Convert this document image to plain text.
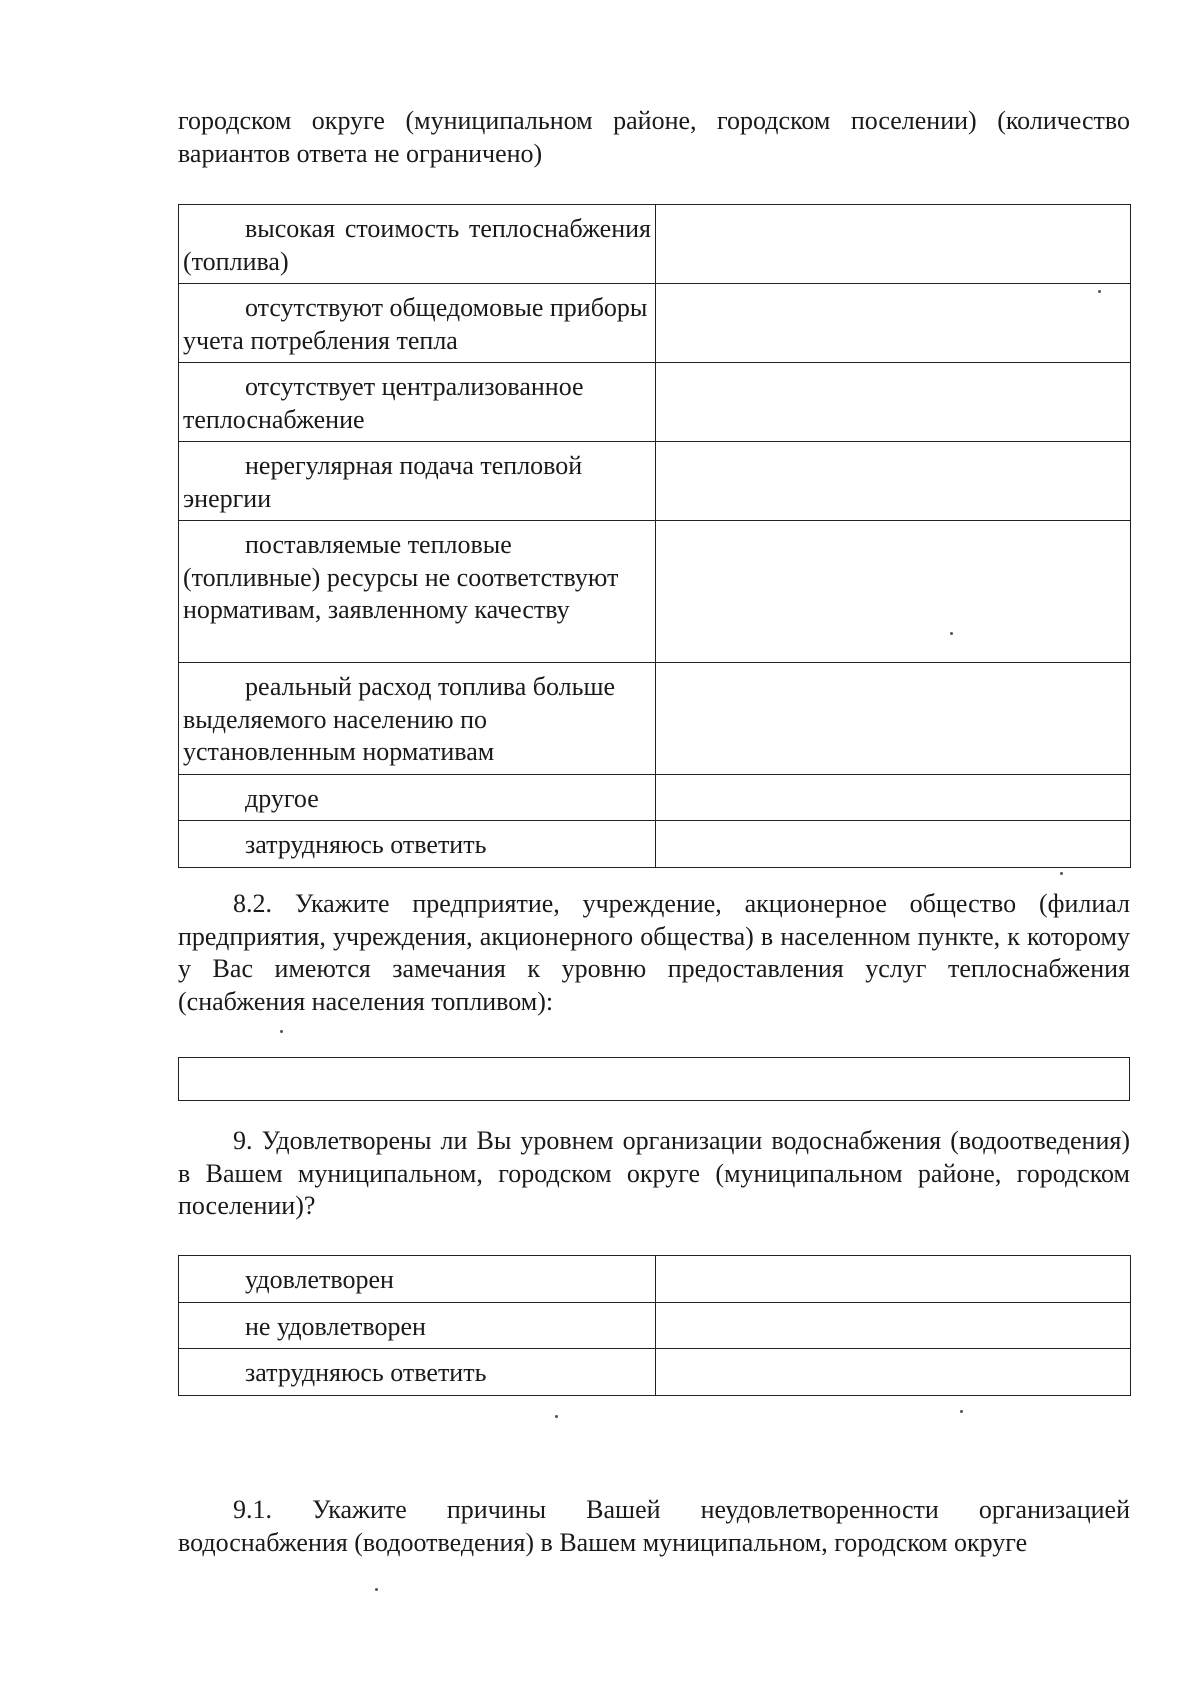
городском округе (муниципальном районе, городском поселении) (количество вариантов ответа не ограничено)

высокая стоимость теплоснабжения (топлива)	

отсутствуют общедомовые приборы учета потребления тепла	

отсутствует централизованное теплоснабжение	

нерегулярная подача тепловой энергии	

поставляемые тепловые (топливные) ресурсы не соответствуют нормативам, заявленному качеству	

реальный расход топлива больше выделяемого населению по установленным нормативам	

другое	

затрудняюсь ответить	

8.2. Укажите предприятие, учреждение, акционерное общество (филиал предприятия, учреждения, акционерного общества) в населенном пункте, к которому у Вас имеются замечания к уровню предоставления услуг теплоснабжения (снабжения населения топливом):

9. Удовлетворены ли Вы уровнем организации водоснабжения (водоотведения) в Вашем муниципальном, городском округе (муниципальном районе, городском поселении)?

удовлетворен	

не удовлетворен	

затрудняюсь ответить	

9.1. Укажите причины Вашей неудовлетворенности организацией водоснабжения (водоотведения) в Вашем муниципальном, городском округе
